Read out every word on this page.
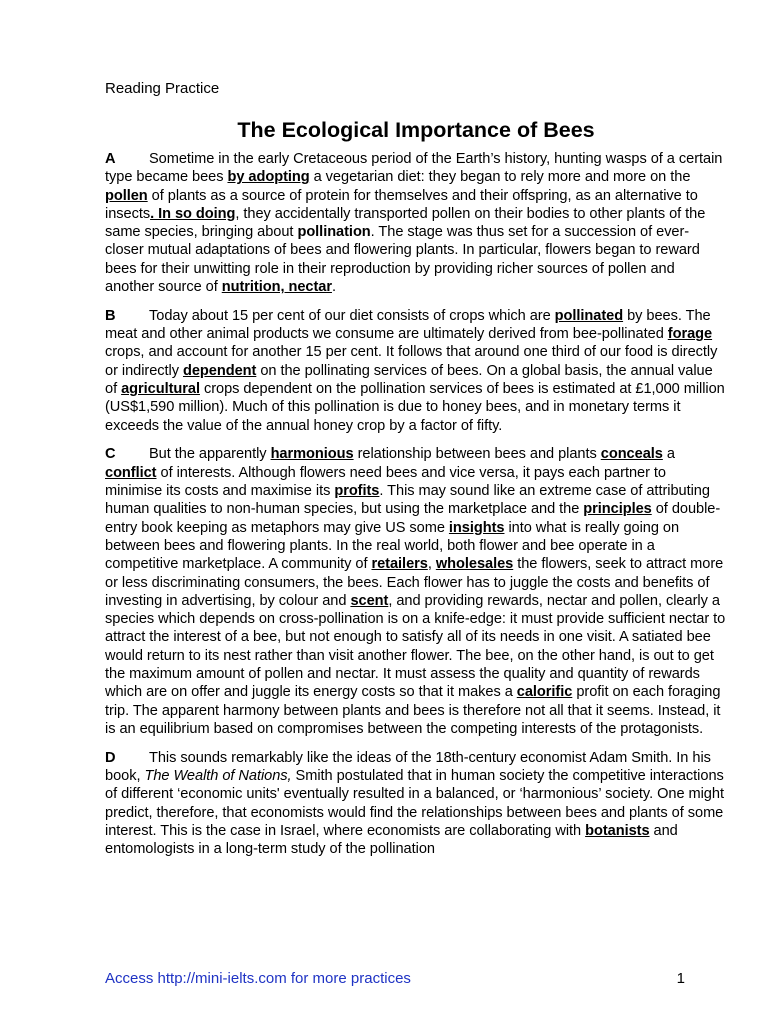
Reading Practice
The Ecological Importance of Bees

A Sometime in the early Cretaceous period of the Earth’s history, hunting wasps of a certain type became bees by adopting a vegetarian diet: they began to rely more and more on the pollen of plants as a source of protein for themselves and their offspring, as an alternative to insects. In so doing, they accidentally transported pollen on their bodies to other plants of the same species, bringing about pollination. The stage was thus set for a succession of ever-closer mutual adaptations of bees and flowering plants. In particular, flowers began to reward bees for their unwitting role in their reproduction by providing richer sources of pollen and another source of nutrition, nectar.

B Today about 15 per cent of our diet consists of crops which are pollinated by bees. The meat and other animal products we consume are ultimately derived from bee-pollinated forage crops, and account for another 15 per cent. It follows that around one third of our food is directly or indirectly dependent on the pollinating services of bees. On a global basis, the annual value of agricultural crops dependent on the pollination services of bees is estimated at £1,000 million (US$1,590 million). Much of this pollination is due to honey bees, and in monetary terms it exceeds the value of the annual honey crop by a factor of fifty.

C But the apparently harmonious relationship between bees and plants conceals a conflict of interests. Although flowers need bees and vice versa, it pays each partner to minimise its costs and maximise its profits. This may sound like an extreme case of attributing human qualities to non-human species, but using the marketplace and the principles of double-entry book keeping as metaphors may give US some insights into what is really going on between bees and flowering plants. In the real world, both flower and bee operate in a competitive marketplace. A community of retailers, wholesales the flowers, seek to attract more or less discriminating consumers, the bees. Each flower has to juggle the costs and benefits of investing in advertising, by colour and scent, and providing rewards, nectar and pollen, clearly a species which depends on cross-pollination is on a knife-edge: it must provide sufficient nectar to attract the interest of a bee, but not enough to satisfy all of its needs in one visit. A satiated bee would return to its nest rather than visit another flower. The bee, on the other hand, is out to get the maximum amount of pollen and nectar. It must assess the quality and quantity of rewards which are on offer and juggle its energy costs so that it makes a calorific profit on each foraging trip. The apparent harmony between plants and bees is therefore not all that it seems. Instead, it is an equilibrium based on compromises between the competing interests of the protagonists.

D This sounds remarkably like the ideas of the 18th-century economist Adam Smith. In his book, The Wealth of Nations, Smith postulated that in human society the competitive interactions of different ‘economic units' eventually resulted in a balanced, or ‘harmonious’ society. One might predict, therefore, that economists would find the relationships between bees and plants of some interest. This is the case in Israel, where economists are collaborating with botanists and entomologists in a long-term study of the pollination

Access http://mini-ielts.com for more practices	1
